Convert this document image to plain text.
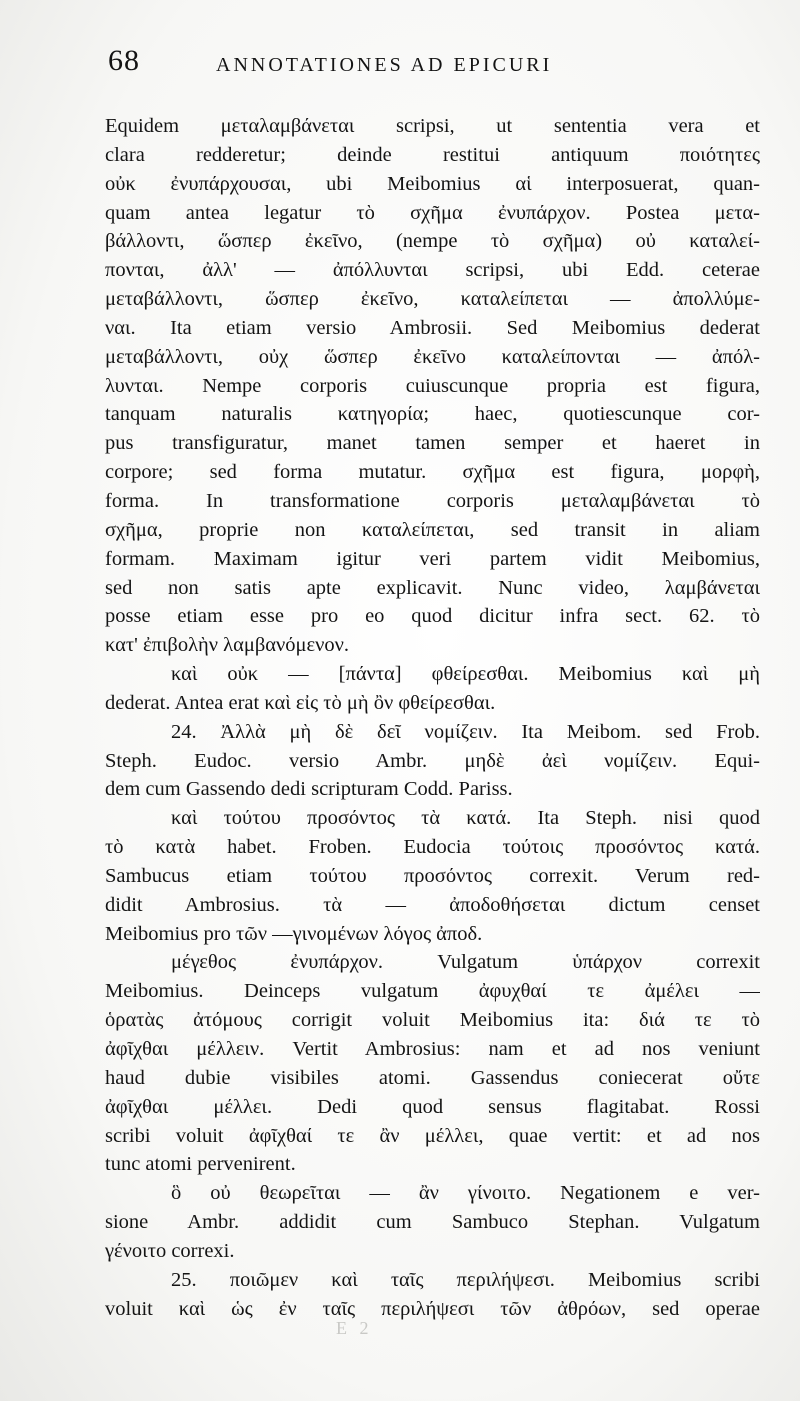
68	ANNOTATIONES AD EPICURI
Equidem μεταλαμβάνεται scripsi, ut sententia vera et
clara redderetur; deinde restitui antiquum ποιότητες
οὐκ ἐνυπάρχουσαι, ubi Meibomius αἱ interposuerat, quan-
quam antea legatur τὸ σχῆμα ἐνυπάρχον. Postea μετα-
βάλλοντι, ὥσπερ ἐκεῖνο, (nempe τὸ σχῆμα) οὐ καταλεί-
πονται, ἀλλ' — ἀπόλλυνται scripsi, ubi Edd. ceterae
μεταβάλλοντι, ὥσπερ ἐκεῖνο, καταλείπεται — ἀπολλύμε-
ναι. Ita etiam versio Ambrosii. Sed Meibomius dederat
μεταβάλλοντι, οὐχ ὥσπερ ἐκεῖνο καταλείπονται — ἀπόλ-
λυνται. Nempe corporis cuiuscunque propria est figura,
tanquam naturalis κατηγορία; haec, quotiescunque cor-
pus transfiguratur, manet tamen semper et haeret in
corpore; sed forma mutatur. σχῆμα est figura, μορφὴ,
forma. In transformatione corporis μεταλαμβάνεται τὸ
σχῆμα, proprie non καταλείπεται, sed transit in aliam
formam. Maximam igitur veri partem vidit Meibomius,
sed non satis apte explicavit. Nunc video, λαμβάνεται
posse etiam esse pro eo quod dicitur infra sect. 62. τὸ
κατ' ἐπιβολὴν λαμβανόμενον.
καὶ οὐκ — [πάντα] φθείρεσθαι. Meibomius καὶ μὴ
dederat. Antea erat καὶ εἰς τὸ μὴ ὂν φθείρεσθαι.
24. Ἀλλὰ μὴ δὲ δεῖ νομίζειν. Ita Meibom. sed Frob.
Steph. Eudoc. versio Ambr. μηδὲ ἀεὶ νομίζειν. Equi-
dem cum Gassendo dedi scripturam Codd. Pariss.
καὶ τούτου προσόντος τὰ κατά. Ita Steph. nisi quod
τὸ κατὰ habet. Froben. Eudocia τούτοις προσόντος κατά.
Sambucus etiam τούτου προσόντος correxit. Verum red-
didit Ambrosius. τὰ — ἀποδοθήσεται dictum censet
Meibomius pro τῶν —γινομένων λόγος ἀποδ.
μέγεθος ἐνυπάρχον. Vulgatum ὑπάρχον correxit
Meibomius. Deinceps vulgatum ἀφυχθαί τε ἀμέλει —
ὁρατὰς ἀτόμους corrigit voluit Meibomius ita: διά τε τὸ
ἀφῖχθαι μέλλειν. Vertit Ambrosius: nam et ad nos veniunt
haud dubie visibiles atomi. Gassendus coniecerat οὔτε
ἀφῖχθαι μέλλει. Dedi quod sensus flagitabat. Rossi
scribi voluit ἀφῖχθαί τε ἂν μέλλει, quae vertit: et ad nos
tunc atomi pervenirent.
ὃ οὐ θεωρεῖται — ἂν γίνοιτο. Negationem e ver-
sione Ambr. addidit cum Sambuco Stephan. Vulgatum
γένοιτο correxi.
25. ποιῶμεν καὶ ταῖς περιλήψεσι. Meibomius scribi
voluit καὶ ὡς ἐν ταῖς περιλήψεσι τῶν ἀθρόων, sed operae
E 2
